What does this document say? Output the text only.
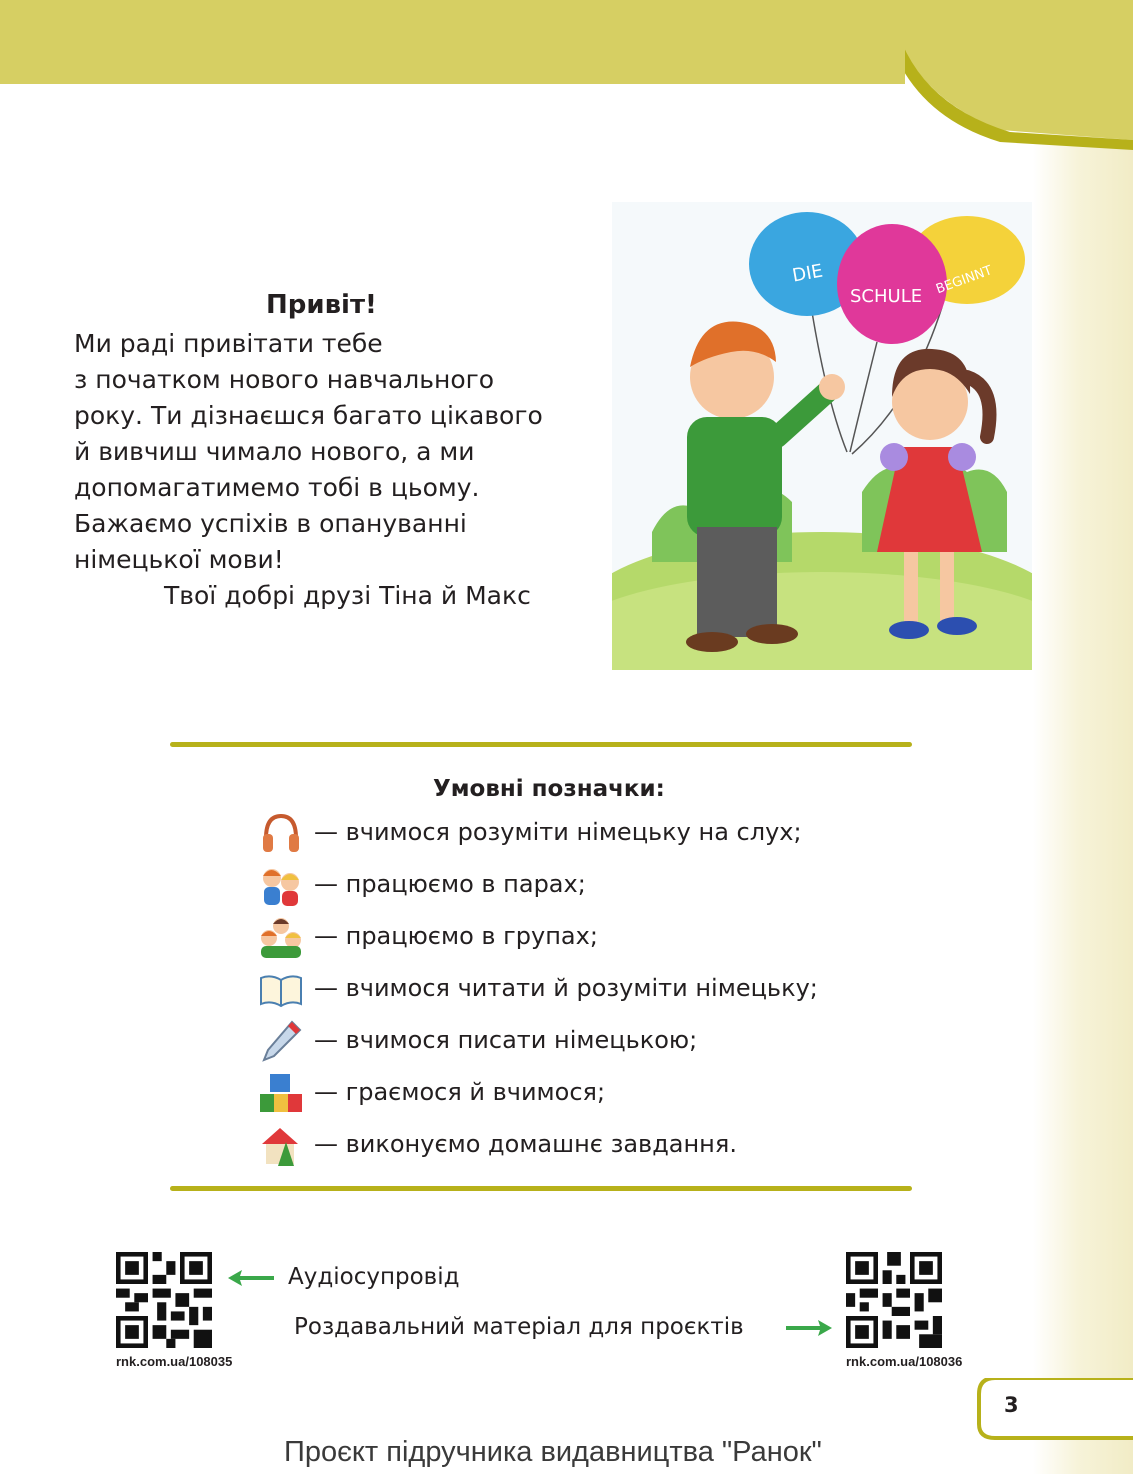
Привіт!
Ми раді привітати тебе
з початком нового навчального
року. Ти дізнаєшся багато цікавого
й вивчиш чимало нового, а ми
допомагатимемо тобі в цьому.
Бажаємо успіхів в опануванні
німецької мови!
Твої добрі друзі Тіна й Макс
DIE
SCHULE BEGINNT
Умовні позначки:
— вчимося розуміти німецьку на слух;
— працюємо в парах;
— працюємо в групах;
— вчимося читати й розуміти німецьку;
— вчимося писати німецькою;
— граємося й вчимося;
— виконуємо домашнє завдання.
rnk.com.ua/108035
Аудіосупровід
Роздавальний матеріал для проєктів
rnk.com.ua/108036
3
Проєкт підручника видавництва "Ранок"
